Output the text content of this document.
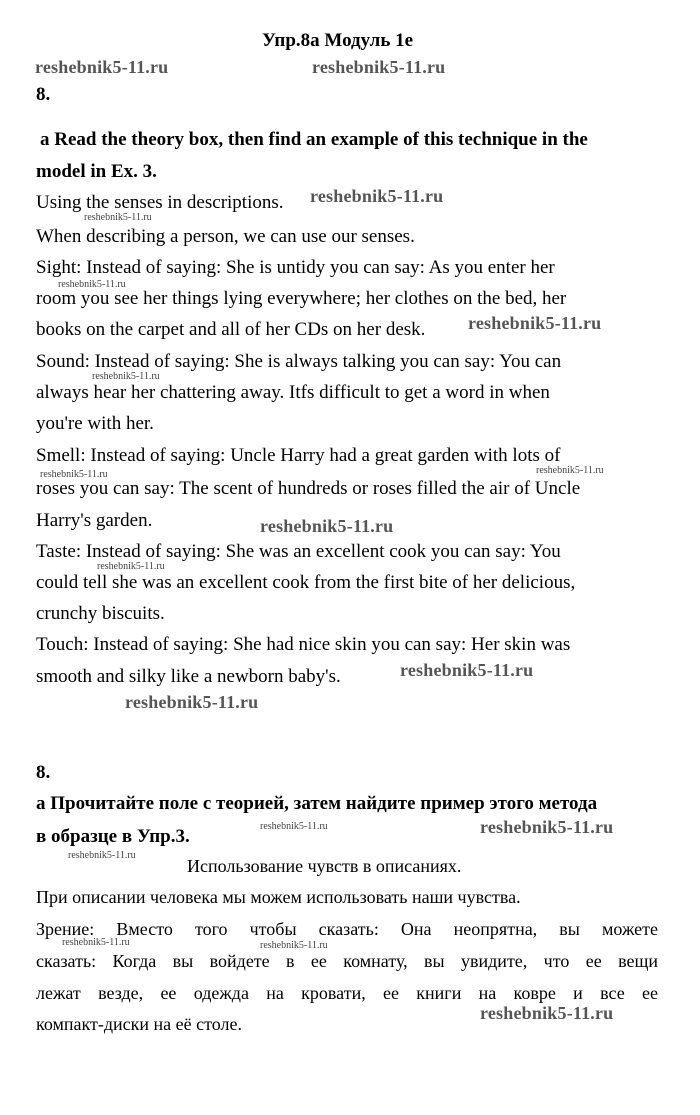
Упр.8а Модуль 1е
reshebnik5-11.ru	reshebnik5-11.ru
8.
a Read the theory box, then find an example of this technique in the
model in Ex. 3.
Using the senses in descriptions. reshebnik5-11.ru
reshebnik5-11.ru
When describing a person, we can use our senses.
Sight: Instead of saying: She is untidy you can say: As you enter her
reshebnik5-11.ru
room you see her things lying everywhere; her clothes on the bed, her
books on the carpet and all of her CDs on her desk. reshebnik5-11.ru
Sound: Instead of saying: She is always talking you can say: You can
reshebnik5-11.ru
always hear her chattering away. Itfs difficult to get a word in when
you're with her.
Smell: Instead of saying: Uncle Harry had a great garden with lots of
reshebnik5-11.ru	reshebnik5-11.ru
roses you can say: The scent of hundreds or roses filled the air of Uncle
Harry's garden.	reshebnik5-11.ru
Taste: Instead of saying: She was an excellent cook you can say: You
reshebnik5-11.ru
could tell she was an excellent cook from the first bite of her delicious,
crunchy biscuits.
Touch: Instead of saying: She had nice skin you can say: Her skin was
smooth and silky like a newborn baby's.	reshebnik5-11.ru
reshebnik5-11.ru
8.
а Прочитайте поле с теорией, затем найдите пример этого метода
в образце в Упр.3.	reshebnik5-11.ru	reshebnik5-11.ru
reshebnik5-11.ru
Использование чувств в описаниях.
При описании человека мы можем использовать наши чувства.
Зрение: Вместо того чтобы сказать: Она неопрятна, вы можете
reshebnik5-11.ru	reshebnik5-11.ru
сказать: Когда вы войдете в ее комнату, вы увидите, что ее вещи
лежат везде, ее одежда на кровати, ее книги на ковре и все ее
компакт-диски на её столе.
reshebnik5-11.ru
